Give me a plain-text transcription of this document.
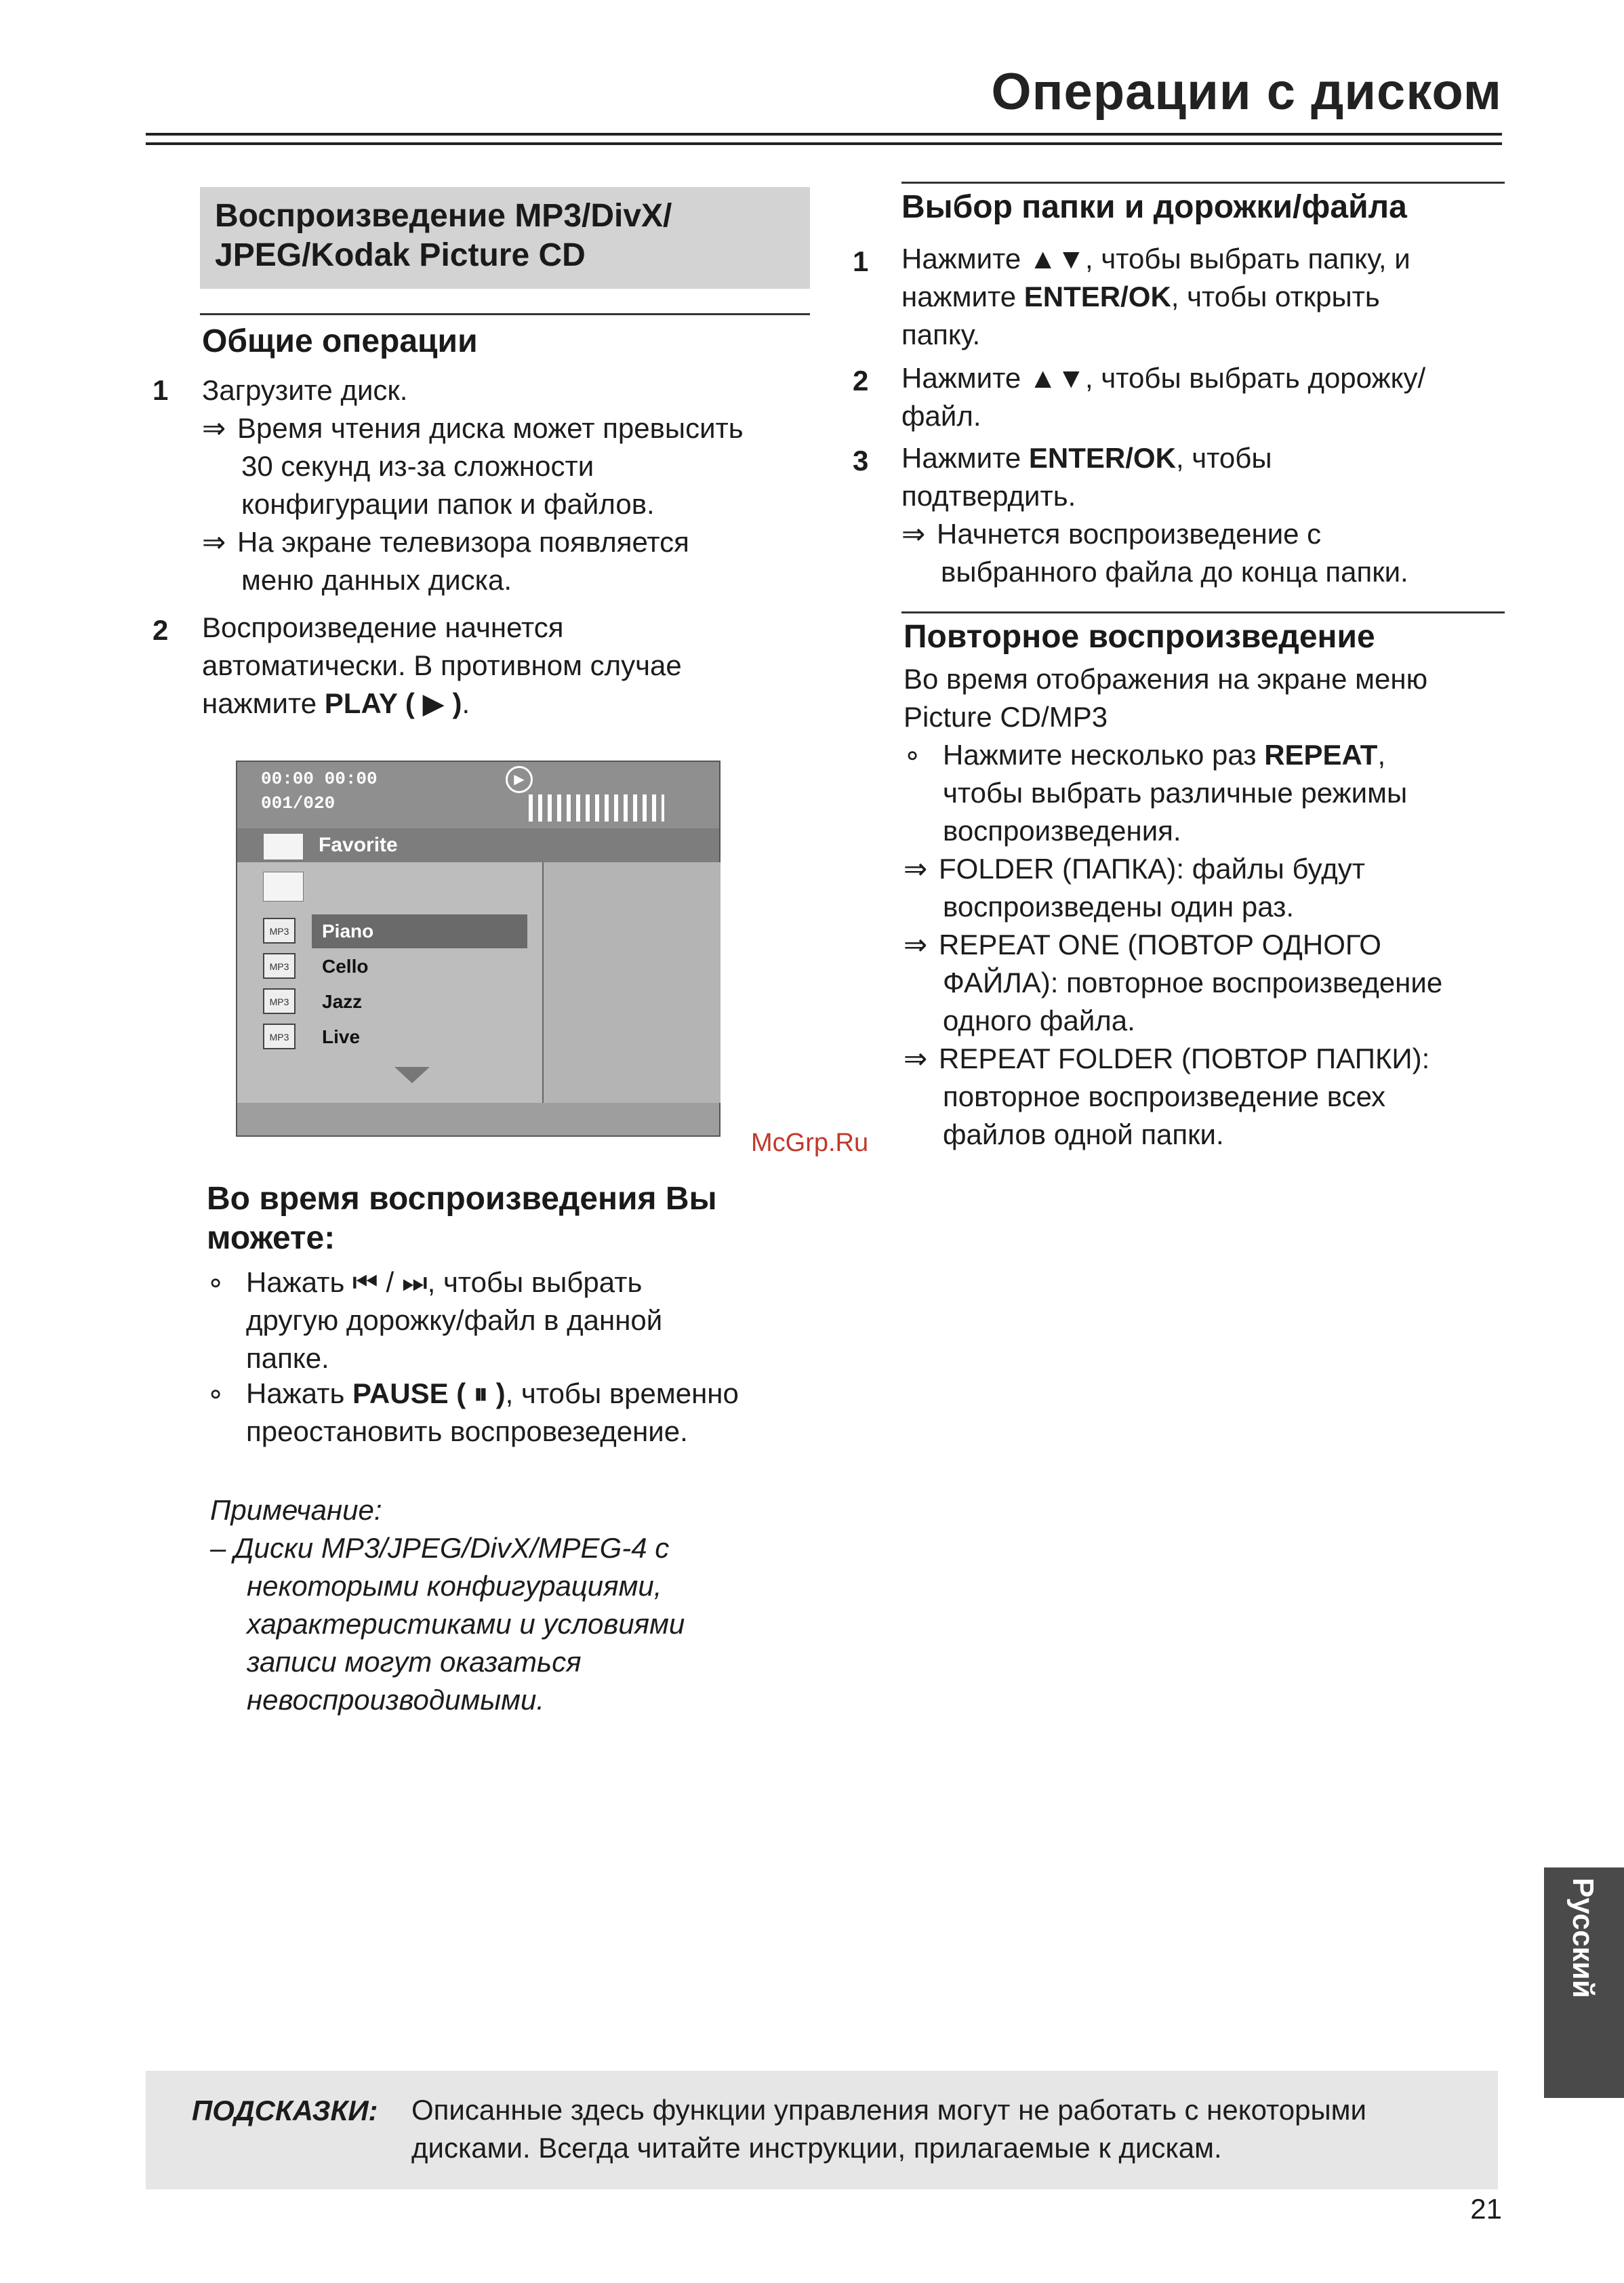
Операции с диском
Воспроизведение MP3/DivX/
JPEG/Kodak Picture CD
Общие операции
1 Загрузите диск.
⇒ Время чтения диска может превысить
30 секунд из-за сложности
конфигурации папок и файлов.
⇒ На экране телевизора появляется
меню данных диска.
2 Воспроизведение начнется
автоматически. В противном случае
нажмите PLAY ( ▶ ).
00:00 00:00
001/020
▶
Favorite
MP3	Piano
MP3	Cello
MP3	Jazz
MP3	Live
McGrp.Ru
Во время воспроизведения Вы
можете:
∘ Нажать ⏮ / ⏭, чтобы выбрать
другую дорожку/файл в данной
папке.
∘ Нажать PAUSE ( ⏸ ), чтобы временно
преостановить воспровезедение.
Примечание:
– Диски MP3/JPEG/DivX/MPEG-4 с
некоторыми конфигурациями,
характеристиками и условиями
записи могут оказаться
невоспроизводимыми.
Выбор папки и дорожки/файла
1 Нажмите ▲▼, чтобы выбрать папку, и
нажмите ENTER/OK, чтобы открыть
папку.
2 Нажмите ▲▼, чтобы выбрать дорожку/
файл.
3 Нажмите ENTER/OK, чтобы
подтвердить.
⇒ Начнется воспроизведение с
выбранного файла до конца папки.
Повторное воспроизведение
Во время отображения на экране меню
Picture CD/MP3
∘ Нажмите несколько раз REPEAT,
чтобы выбрать различные режимы
воспроизведения.
⇒ FOLDER (ПАПКА): файлы будут
воспроизведены один раз.
⇒ REPEAT ONE (ПОВТОР ОДНОГО
ФАЙЛА): повторное воспроизведение
одного файла.
⇒ REPEAT FOLDER (ПОВТОР ПАПКИ):
повторное воспроизведение всех
файлов одной папки.
Русский
ПОДСКАЗКИ: Описанные здесь функции управления могут не работать с некоторыми
дисками. Всегда читайте инструкции, прилагаемые к дискам.
21
